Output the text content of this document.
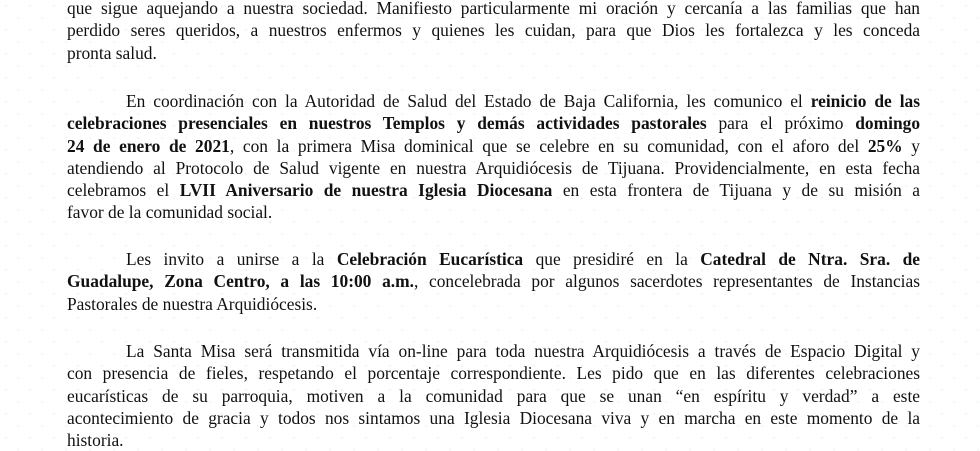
que sigue aquejando a nuestra sociedad. Manifiesto particularmente mi oración y cercanía a las familias que han
perdido seres queridos, a nuestros enfermos y quienes les cuidan, para que Dios les fortalezca y les conceda
pronta salud.
En coordinación con la Autoridad de Salud del Estado de Baja California, les comunico el reinicio de las
celebraciones presenciales en nuestros Templos y demás actividades pastorales para el próximo domingo
24 de enero de 2021, con la primera Misa dominical que se celebre en su comunidad, con el aforo del 25% y
atendiendo al Protocolo de Salud vigente en nuestra Arquidiócesis de Tijuana. Providencialmente, en esta fecha
celebramos el LVII Aniversario de nuestra Iglesia Diocesana en esta frontera de Tijuana y de su misión a
favor de la comunidad social.
Les invito a unirse a la Celebración Eucarística que presidiré en la Catedral de Ntra. Sra. de
Guadalupe, Zona Centro, a las 10:00 a.m., concelebrada por algunos sacerdotes representantes de Instancias
Pastorales de nuestra Arquidiócesis.
La Santa Misa será transmitida vía on-line para toda nuestra Arquidiócesis a través de Espacio Digital y
con presencia de fieles, respetando el porcentaje correspondiente. Les pido que en las diferentes celebraciones
eucarísticas de su parroquia, motiven a la comunidad para que se unan “en espíritu y verdad” a este
acontecimiento de gracia y todos nos sintamos una Iglesia Diocesana viva y en marcha en este momento de la
historia.
